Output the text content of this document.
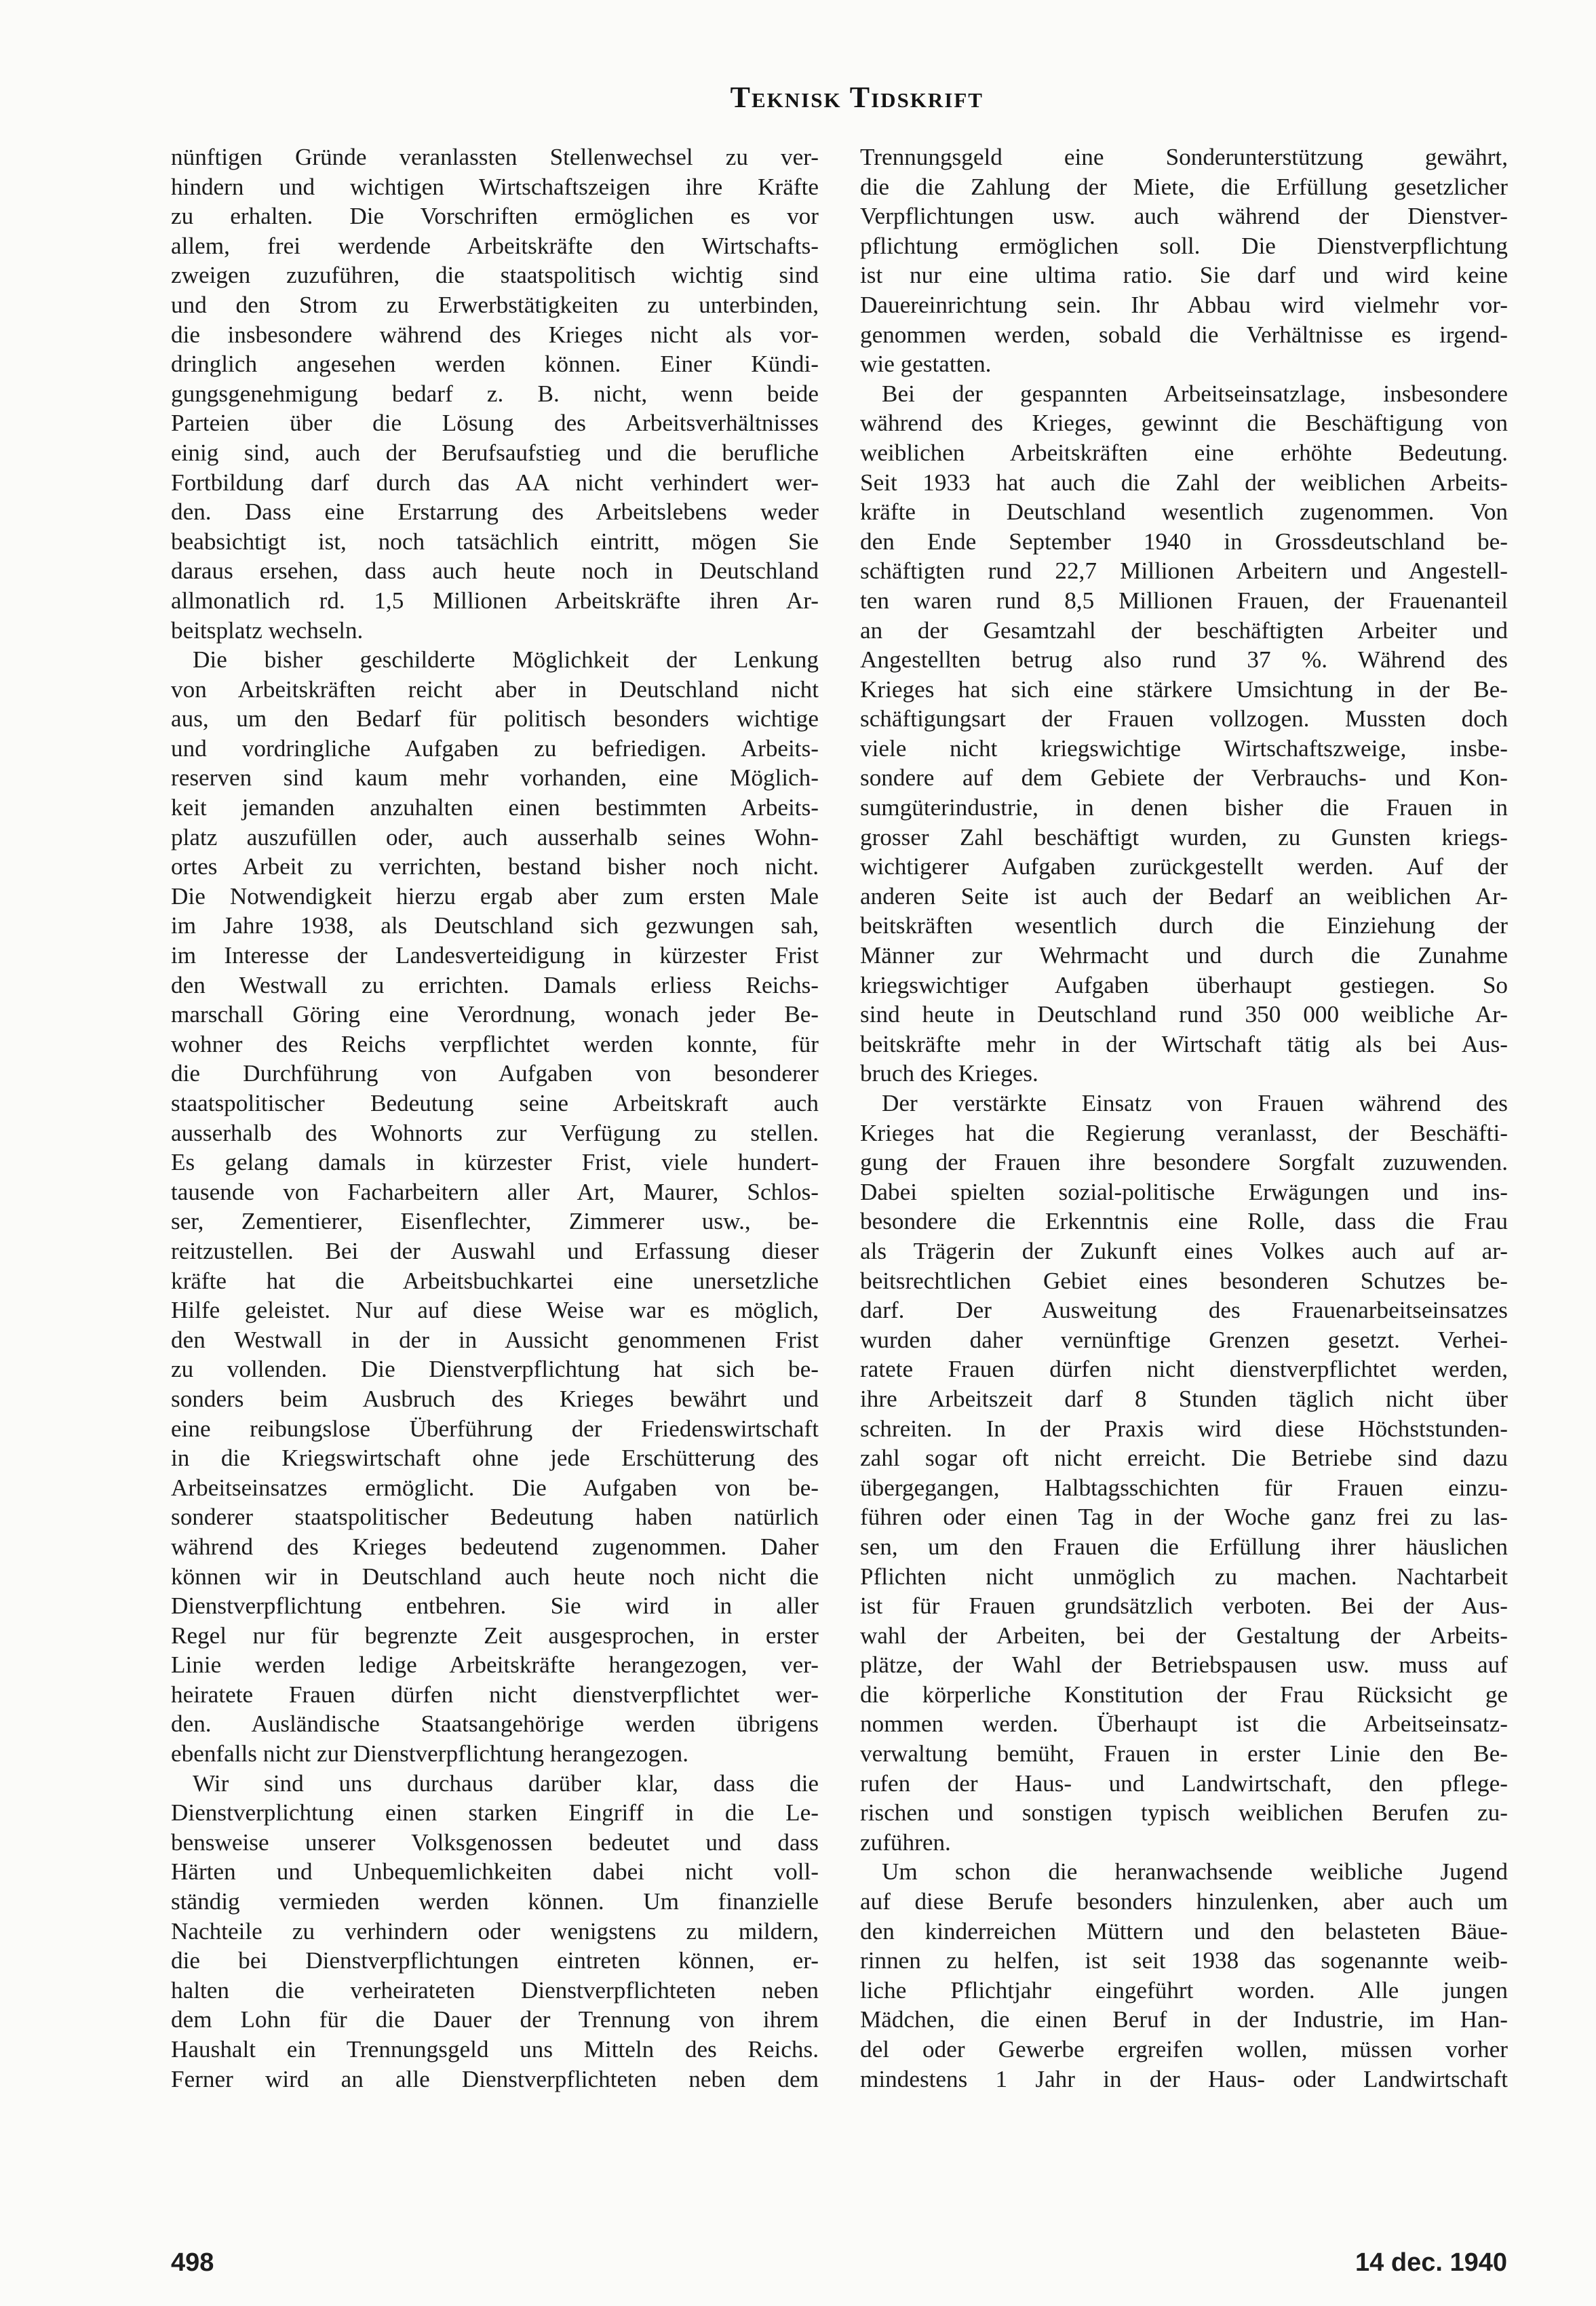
Teknisk Tidskrift
nünftigen Gründe veranlassten Stellenwechsel zu ver-
hindern und wichtigen Wirtschaftszeigen ihre Kräfte
zu erhalten. Die Vorschriften ermöglichen es vor
allem, frei werdende Arbeitskräfte den Wirtschafts-
zweigen zuzuführen, die staatspolitisch wichtig sind
und den Strom zu Erwerbstätigkeiten zu unterbinden,
die insbesondere während des Krieges nicht als vor-
dringlich angesehen werden können. Einer Kündi-
gungsgenehmigung bedarf z. B. nicht, wenn beide
Parteien über die Lösung des Arbeitsverhältnisses
einig sind, auch der Berufsaufstieg und die berufliche
Fortbildung darf durch das AA nicht verhindert wer-
den. Dass eine Erstarrung des Arbeitslebens weder
beabsichtigt ist, noch tatsächlich eintritt, mögen Sie
daraus ersehen, dass auch heute noch in Deutschland
allmonatlich rd. 1,5 Millionen Arbeitskräfte ihren Ar-
beitsplatz wechseln.
Die bisher geschilderte Möglichkeit der Lenkung
von Arbeitskräften reicht aber in Deutschland nicht
aus, um den Bedarf für politisch besonders wichtige
und vordringliche Aufgaben zu befriedigen. Arbeits-
reserven sind kaum mehr vorhanden, eine Möglich-
keit jemanden anzuhalten einen bestimmten Arbeits-
platz auszufüllen oder, auch ausserhalb seines Wohn-
ortes Arbeit zu verrichten, bestand bisher noch nicht.
Die Notwendigkeit hierzu ergab aber zum ersten Male
im Jahre 1938, als Deutschland sich gezwungen sah,
im Interesse der Landesverteidigung in kürzester Frist
den Westwall zu errichten. Damals erliess Reichs-
marschall Göring eine Verordnung, wonach jeder Be-
wohner des Reichs verpflichtet werden konnte, für
die Durchführung von Aufgaben von besonderer
staatspolitischer Bedeutung seine Arbeitskraft auch
ausserhalb des Wohnorts zur Verfügung zu stellen.
Es gelang damals in kürzester Frist, viele hundert-
tausende von Facharbeitern aller Art, Maurer, Schlos-
ser, Zementierer, Eisenflechter, Zimmerer usw., be-
reitzustellen. Bei der Auswahl und Erfassung dieser
kräfte hat die Arbeitsbuchkartei eine unersetzliche
Hilfe geleistet. Nur auf diese Weise war es möglich,
den Westwall in der in Aussicht genommenen Frist
zu vollenden. Die Dienstverpflichtung hat sich be-
sonders beim Ausbruch des Krieges bewährt und
eine reibungslose Überführung der Friedenswirtschaft
in die Kriegswirtschaft ohne jede Erschütterung des
Arbeitseinsatzes ermöglicht. Die Aufgaben von be-
sonderer staatspolitischer Bedeutung haben natürlich
während des Krieges bedeutend zugenommen. Daher
können wir in Deutschland auch heute noch nicht die
Dienstverpflichtung entbehren. Sie wird in aller
Regel nur für begrenzte Zeit ausgesprochen, in erster
Linie werden ledige Arbeitskräfte herangezogen, ver-
heiratete Frauen dürfen nicht dienstverpflichtet wer-
den. Ausländische Staatsangehörige werden übrigens
ebenfalls nicht zur Dienstverpflichtung herangezogen.
Wir sind uns durchaus darüber klar, dass die
Dienstverplichtung einen starken Eingriff in die Le-
bensweise unserer Volksgenossen bedeutet und dass
Härten und Unbequemlichkeiten dabei nicht voll-
ständig vermieden werden können. Um finanzielle
Nachteile zu verhindern oder wenigstens zu mildern,
die bei Dienstverpflichtungen eintreten können, er-
halten die verheirateten Dienstverpflichteten neben
dem Lohn für die Dauer der Trennung von ihrem
Haushalt ein Trennungsgeld uns Mitteln des Reichs.
Ferner wird an alle Dienstverpflichteten neben dem
Trennungsgeld eine Sonderunterstützung gewährt,
die die Zahlung der Miete, die Erfüllung gesetzlicher
Verpflichtungen usw. auch während der Dienstver-
pflichtung ermöglichen soll. Die Dienstverpflichtung
ist nur eine ultima ratio. Sie darf und wird keine
Dauereinrichtung sein. Ihr Abbau wird vielmehr vor-
genommen werden, sobald die Verhältnisse es irgend-
wie gestatten.
Bei der gespannten Arbeitseinsatzlage, insbesondere
während des Krieges, gewinnt die Beschäftigung von
weiblichen Arbeitskräften eine erhöhte Bedeutung.
Seit 1933 hat auch die Zahl der weiblichen Arbeits-
kräfte in Deutschland wesentlich zugenommen. Von
den Ende September 1940 in Grossdeutschland be-
schäftigten rund 22,7 Millionen Arbeitern und Angestell-
ten waren rund 8,5 Millionen Frauen, der Frauenanteil
an der Gesamtzahl der beschäftigten Arbeiter und
Angestellten betrug also rund 37 %. Während des
Krieges hat sich eine stärkere Umsichtung in der Be-
schäftigungsart der Frauen vollzogen. Mussten doch
viele nicht kriegswichtige Wirtschaftszweige, insbe-
sondere auf dem Gebiete der Verbrauchs- und Kon-
sumgüterindustrie, in denen bisher die Frauen in
grosser Zahl beschäftigt wurden, zu Gunsten kriegs-
wichtigerer Aufgaben zurückgestellt werden. Auf der
anderen Seite ist auch der Bedarf an weiblichen Ar-
beitskräften wesentlich durch die Einziehung der
Männer zur Wehrmacht und durch die Zunahme
kriegswichtiger Aufgaben überhaupt gestiegen. So
sind heute in Deutschland rund 350 000 weibliche Ar-
beitskräfte mehr in der Wirtschaft tätig als bei Aus-
bruch des Krieges.
Der verstärkte Einsatz von Frauen während des
Krieges hat die Regierung veranlasst, der Beschäfti-
gung der Frauen ihre besondere Sorgfalt zuzuwenden.
Dabei spielten sozial-politische Erwägungen und ins-
besondere die Erkenntnis eine Rolle, dass die Frau
als Trägerin der Zukunft eines Volkes auch auf ar-
beitsrechtlichen Gebiet eines besonderen Schutzes be-
darf. Der Ausweitung des Frauenarbeitseinsatzes
wurden daher vernünftige Grenzen gesetzt. Verhei-
ratete Frauen dürfen nicht dienstverpflichtet werden,
ihre Arbeitszeit darf 8 Stunden täglich nicht über
schreiten. In der Praxis wird diese Höchststunden-
zahl sogar oft nicht erreicht. Die Betriebe sind dazu
übergegangen, Halbtagsschichten für Frauen einzu-
führen oder einen Tag in der Woche ganz frei zu las-
sen, um den Frauen die Erfüllung ihrer häuslichen
Pflichten nicht unmöglich zu machen. Nachtarbeit
ist für Frauen grundsätzlich verboten. Bei der Aus-
wahl der Arbeiten, bei der Gestaltung der Arbeits-
plätze, der Wahl der Betriebspausen usw. muss auf
die körperliche Konstitution der Frau Rücksicht ge
nommen werden. Überhaupt ist die Arbeitseinsatz-
verwaltung bemüht, Frauen in erster Linie den Be-
rufen der Haus- und Landwirtschaft, den pflege-
rischen und sonstigen typisch weiblichen Berufen zu-
zuführen.
Um schon die heranwachsende weibliche Jugend
auf diese Berufe besonders hinzulenken, aber auch um
den kinderreichen Müttern und den belasteten Bäue-
rinnen zu helfen, ist seit 1938 das sogenannte weib-
liche Pflichtjahr eingeführt worden. Alle jungen
Mädchen, die einen Beruf in der Industrie, im Han-
del oder Gewerbe ergreifen wollen, müssen vorher
mindestens 1 Jahr in der Haus- oder Landwirtschaft
498	14 dec. 1940
